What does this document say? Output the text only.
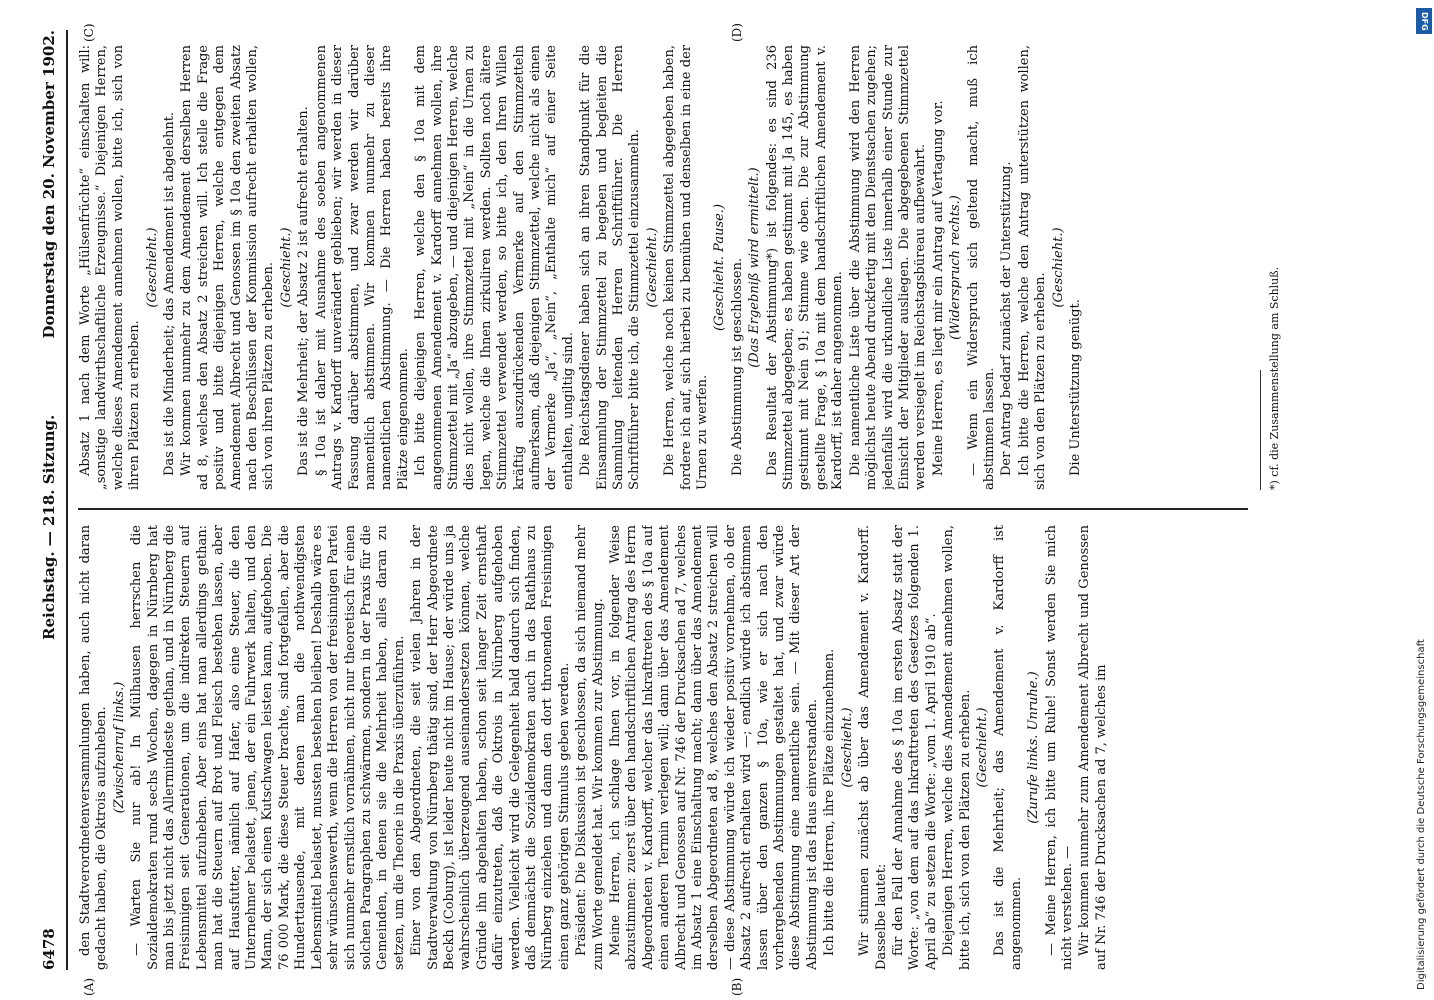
6478
Reichstag. — 218. Sitzung.
Donnerstag den 20. November 1902.

den Stadtverordnetenversammlungen haben, auch nicht daran gedacht haben, die Oktrois aufzuheben. (Zwischenruf links.) — Warten Sie nur ab! In Mülhausen herrschen die Sozialdemokraten rund sechs Wochen, dagegen in Nürnberg hat man bis jetzt nicht das Allermindeste gethan, und in Nürnberg die Freisinnigen seit Generationen, um die indirekten Steuern auf Lebensmittel aufzuheben. Aber eins hat man allerdings gethan: man hat die Steuern auf Brot und Fleisch bestehen lassen, aber auf Hausfutter, nämlich auf Hafer, also eine Steuer, die den Unternehmer belastet, jenen, der ein Fuhrwerk halten, und den Mann, der sich einen Kutschwagen leisten kann, aufgehoben. Die 76 000 Mark, die diese Steuer brachte, sind fortgefallen, aber die Hunderttausende, mit denen man die nothwendigsten Lebensmittel belastet, mussten bestehen bleiben! Deshalb wäre es sehr wünschenswerth, wenn die Herren von der freisinnigen Partei sich nunmehr ernstlich vornähmen, nicht nur theoretisch für einen solchen Paragraphen zu schwärmen, sondern in der Praxis für die Gemeinden, in denen sie die Mehrheit haben, alles daran zu setzen, um die Theorie in die Praxis überzuführen. Einer von den Abgeordneten, die seit vielen Jahren in der Stadtverwaltung von Nürnberg thätig sind, der Herr Abgeordnete Beckh (Coburg), ist leider heute nicht im Hause; der würde uns ja wahrscheinlich überzeugend auseinandersetzen können, welche Gründe ihn abgehalten haben, schon seit langer Zeit ernsthaft dafür einzutreten, daß die Oktrois in Nürnberg aufgehoben werden. Vielleicht wird die Gelegenheit bald dadurch sich finden, daß demnächst die Sozialdemokraten auch in das Rathhaus zu Nürnberg einziehen und dann den dort thronenden Freisinnigen einen ganz gehörigen Stimulus geben werden. Präsident: Die Diskussion ist geschlossen, da sich niemand mehr zum Worte gemeldet hat. Wir kommen zur Abstimmung. Meine Herren, ich schlage Ihnen vor, in folgender Weise abzustimmen: zuerst über den handschriftlichen Antrag des Herrn Abgeordneten v. Kardorff, welcher das Inkrafttreten des § 10a auf einen anderen Termin verlegen will; dann über das Amendement Albrecht und Genossen auf Nr. 746 der Drucksachen ad 7, welches im Absatz 1 eine Einschaltung macht; dann über das Amendement derselben Abgeordneten ad 8, welches den Absatz 2 streichen will — diese Abstimmung würde ich wieder positiv vornehmen, ob der Absatz 2 aufrecht erhalten wird —; endlich würde ich abstimmen lassen über den ganzen § 10a, wie er sich nach den vorhergehenden Abstimmungen gestaltet hat, und zwar würde diese Abstimmung eine namentliche sein. — Mit dieser Art der Abstimmung ist das Haus einverstanden. Ich bitte die Herren, ihre Plätze einzunehmen. (Geschieht.) Wir stimmen zunächst ab über das Amendement v. Kardorff. Dasselbe lautet: für den Fall der Annahme des § 10a im ersten Absatz statt der Worte: „von dem auf das Inkrafttreten des Gesetzes folgenden 1. April ab“ zu setzen die Worte: „vom 1. April 1910 ab“. Diejenigen Herren, welche dies Amendement annehmen wollen, bitte ich, sich von den Plätzen zu erheben. (Geschieht.) Das ist die Mehrheit; das Amendement v. Kardorff ist angenommen.

(Zurufe links. Unruhe.) — Meine Herren, ich bitte um Ruhe! Sonst werden Sie mich nicht verstehen. — Wir kommen nunmehr zum Amendement Albrecht und Genossen auf Nr. 746 der Drucksachen ad 7, welches im

Absatz 1 nach dem Worte „Hülsenfrüchte“ einschalten will: „sonstige landwirthschaftliche Erzeugnisse.“ Diejenigen Herren, welche dieses Amendement annehmen wollen, bitte ich, sich von ihren Plätzen zu erheben.

(Geschieht.) Das ist die Minderheit; das Amendement ist abgelehnt. Wir kommen nunmehr zu dem Amendement derselben Herren ad 8, welches den Absatz 2 streichen will. Ich stelle die Frage positiv und bitte diejenigen Herren, welche entgegen dem Amendement Albrecht und Genossen im § 10a den zweiten Absatz nach den Beschlüssen der Kommission aufrecht erhalten wollen, sich von ihren Plätzen zu erheben. (Geschieht.) Das ist die Mehrheit; der Absatz 2 ist aufrecht erhalten. § 10a ist daher mit Ausnahme des soeben angenommenen Antrags v. Kardorff unverändert geblieben; wir werden in dieser Fassung darüber abstimmen, und zwar werden wir darüber namentlich abstimmen. Wir kommen nunmehr zu dieser namentlichen Abstimmung. — Die Herren haben bereits ihre Plätze eingenommen. Ich bitte diejenigen Herren, welche den § 10a mit dem angenommenen Amendement v. Kardorff annehmen wollen, ihre Stimmzettel mit „Ja“ abzugeben, — und diejenigen Herren, welche dies nicht wollen, ihre Stimmzettel mit „Nein“ in die Urnen zu legen, welche die Ihnen zirkuliren werden. Sollten noch ältere Stimmzettel verwendet werden, so bitte ich, den Ihren Willen kräftig auszudrückenden Vermerke auf den Stimmzetteln aufmerksam, daß diejenigen Stimmzettel, welche nicht als einen der Vermerke „Ja“, „Nein“, „Enthalte mich“ auf einer Seite enthalten, ungiltig sind. Die Reichstagsdiener haben sich an ihren Standpunkt für die Einsammlung der Stimmzettel zu begeben und begleiten die Sammlung leitenden Herren Schriftführer. Die Herren Schriftführer bitte ich, die Stimmzettel einzusammeln. (Geschieht.) Die Herren, welche noch keinen Stimmzettel abgegeben haben, fordere ich auf, sich hierbei zu bemühen und denselben in eine der Urnen zu werfen.

(Geschieht. Pause.) Die Abstimmung ist geschlossen. (Das Ergebniß wird ermittelt.) Das Resultat der Abstimmung*) ist folgendes: es sind 236 Stimmzettel abgegeben; es haben gestimmt mit Ja 145, es haben gestimmt mit Nein 91; Stimme wie oben. Die zur Abstimmung gestellte Frage, § 10a mit dem handschriftlichen Amendement v. Kardorff, ist daher angenommen. Die namentliche Liste über die Abstimmung wird den Herren möglichst heute Abend druckfertig mit den Dienstsachen zugehen; jedenfalls wird die urkundliche Liste innerhalb einer Stunde zur Einsicht der Mitglieder ausliegen. Die abgegebenen Stimmzettel werden versiegelt im Reichstagsbüreau aufbewahrt. Meine Herren, es liegt mir ein Antrag auf Vertagung vor. (Widerspruch rechts.) — Wenn ein Widerspruch sich geltend macht, muß ich abstimmen lassen. Der Antrag bedarf zunächst der Unterstützung. Ich bitte die Herren, welche den Antrag unterstützen wollen, sich von den Plätzen zu erheben.

(Geschieht.)

Die Unterstützung genügt.

(A)	(B)
(C)	(D)
*) cf. die Zusammenstellung am Schluß.
DFG
Digitalisierung gefördert durch die Deutsche Forschungsgemeinschaft
